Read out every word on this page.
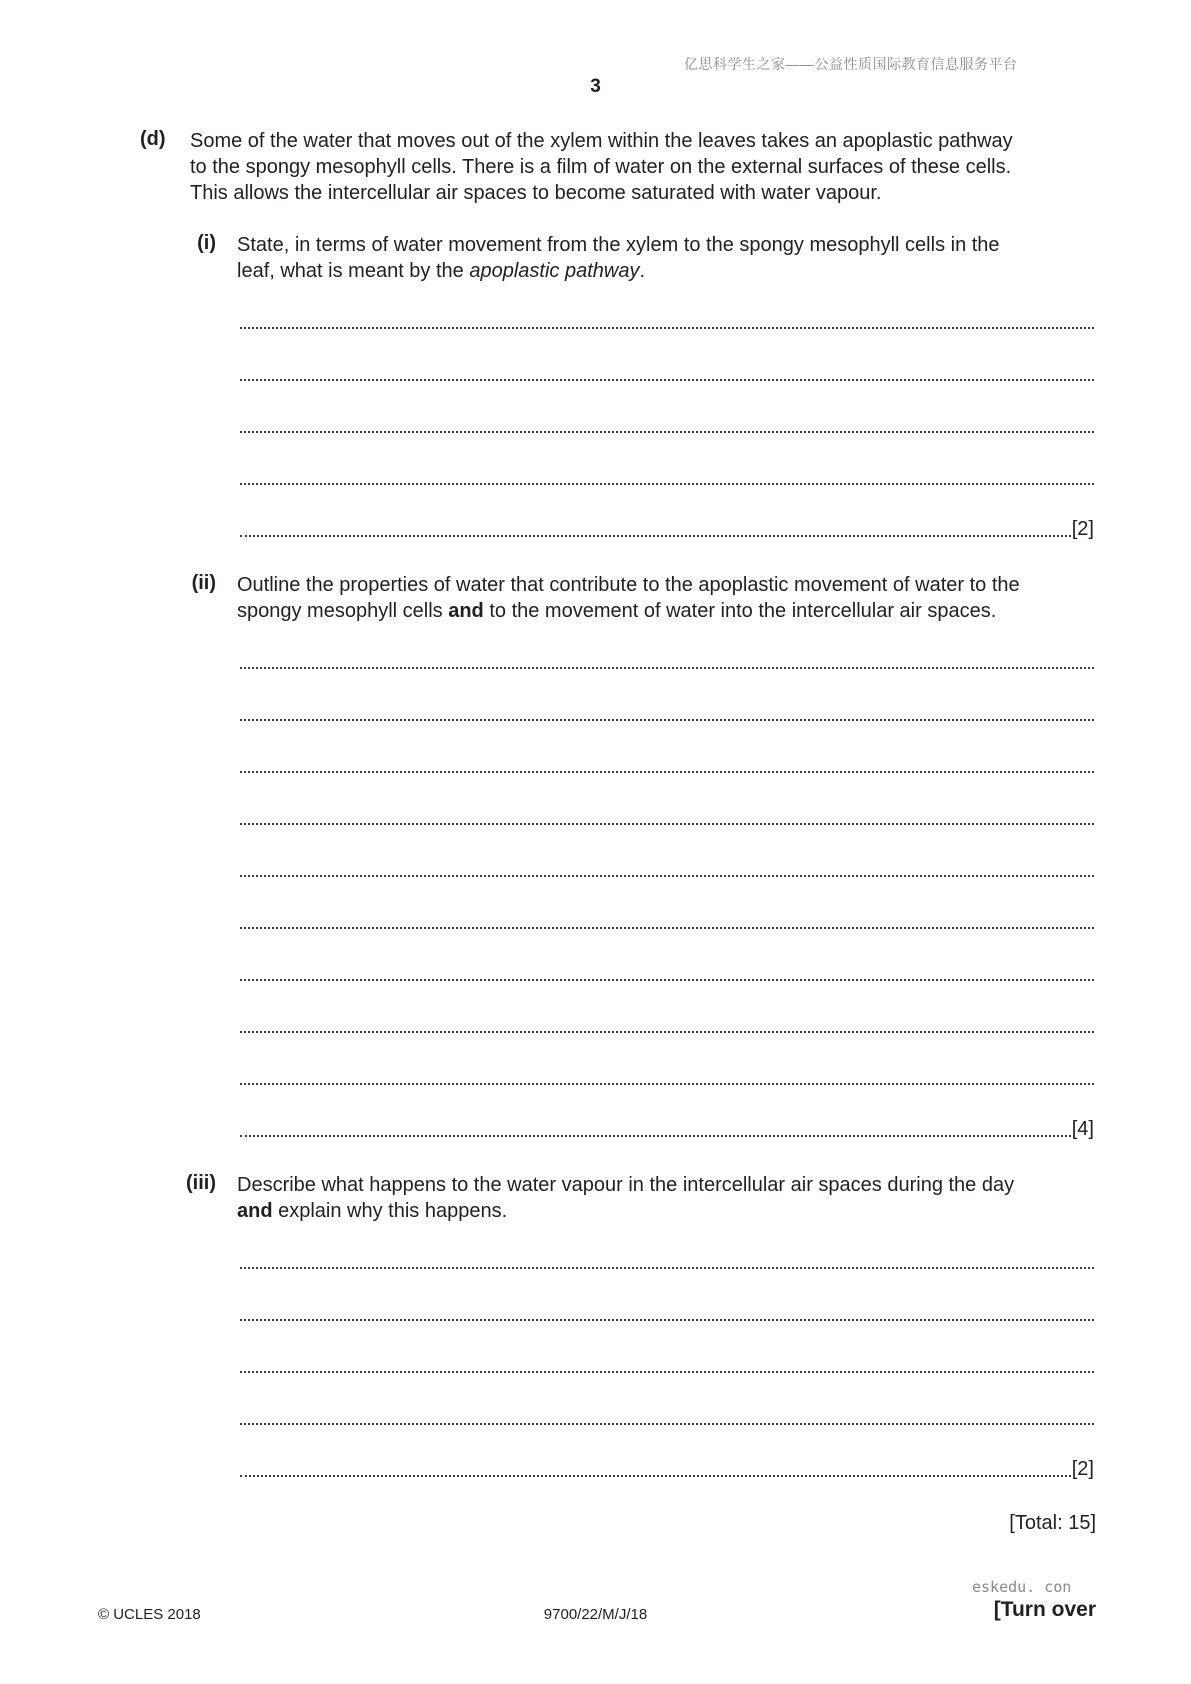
亿思科学生之家——公益性质国际教育信息服务平台
3
(d)	Some of the water that moves out of the xylem within the leaves takes an apoplastic pathway
to the spongy mesophyll cells. There is a film of water on the external surfaces of these cells.
This allows the intercellular air spaces to become saturated with water vapour.
(i) State, in terms of water movement from the xylem to the spongy mesophyll cells in the
leaf, what is meant by the apoplastic pathway.
[2]
(ii) Outline the properties of water that contribute to the apoplastic movement of water to the
spongy mesophyll cells and to the movement of water into the intercellular air spaces.
[4]
(iii) Describe what happens to the water vapour in the intercellular air spaces during the day
and explain why this happens.
[2]
[Total: 15]
eskedu. con
© UCLES 2018	9700/22/M/J/18	[Turn over
